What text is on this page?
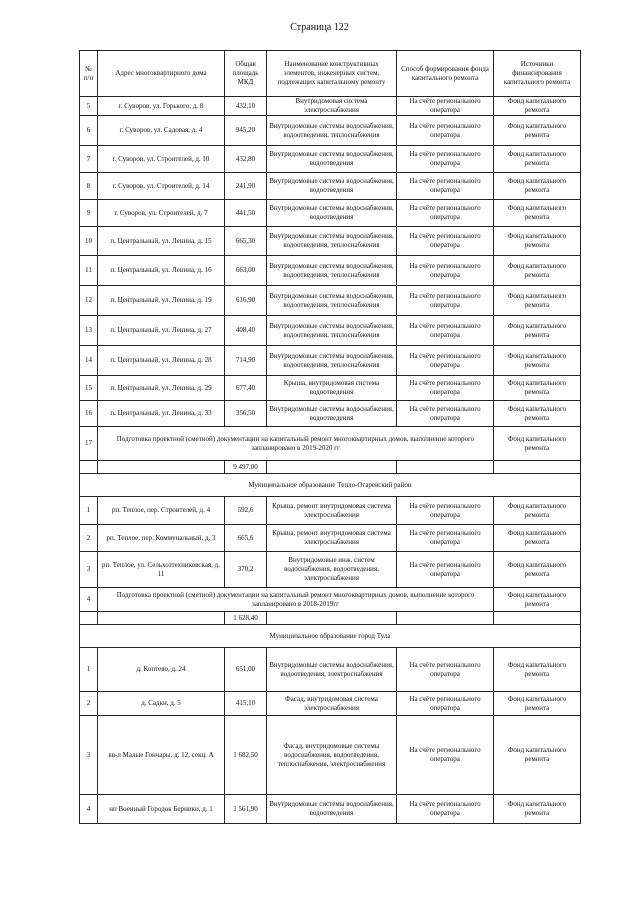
Страница 122
№ п/п	Адрес многоквартирного дома	Общая площадь МКД	Наименование конструктивных элементов, инженерных систем, подлежащих капитальному ремонту	Способ формирования фонда капитального ремонта	Источники финансирования капитального ремонта
5	г. Суворов, ул. Горького, д. 8	432,10	Внутридомовая система электроснабжения	На счёте регионального оператора	Фонд капитального ремонта
6	г. Суворов, ул. Садовая, д. 4	945,20	Внутридомовые системы водоснабжения, водоотведения, теплоснабжения	На счёте регионального оператора	Фонд капитального ремонта
7	г. Суворов, ул. Строителей, д. 10	432,80	Внутридомовые системы водоснабжения, водоотведения	На счёте регионального оператора	Фонд капитального ремонта
8	г. Суворов, ул. Строителей, д. 14	241,90	Внутридомовые системы водоснабжения, водоотведения	На счёте регионального оператора	Фонд капитального ремонта
9	г. Суворов, ул. Строителей, д. 7	441,50	Внутридомовые системы водоснабжения, водоотведения	На счёте регионального оператора	Фонд капитального ремонта
10	п. Центральный, ул. Ленина, д. 15	665,30	Внутридомовые системы водоснабжения, водоотведения, теплоснабжения	На счёте регионального оператора	Фонд капитального ремонта
11	п. Центральный, ул. Ленина, д. 16	663,00	Внутридомовые системы водоснабжения, водоотведения, теплоснабжения	На счёте регионального оператора	Фонд капитального ремонта
12	п. Центральный, ул. Ленина, д. 19	616,90	Внутридомовые системы водоснабжения, водоотведения, теплоснабжения	На счёте регионального оператора	Фонд капитального ремонта
13	п. Центральный, ул. Ленина, д. 27	408,40	Внутридомовые системы водоснабжения, водоотведения, теплоснабжения	На счёте регионального оператора	Фонд капитального ремонта
14	п. Центральный, ул. Ленина, д. 28	714,90	Внутридомовые системы водоснабжения, водоотведения, теплоснабжения	На счёте регионального оператора	Фонд капитального ремонта
15	п. Центральный, ул. Ленина, д. 29	677,40	Крыша, внутридомовая система водоотведения	На счёте регионального оператора	Фонд капитального ремонта
16	п. Центральный, ул. Ленина, д. 33	356,50	Внутридомовые системы водоснабжения, водоотведения	На счёте регионального оператора	Фонд капитального ремонта
17	Подготовка проектной (сметной) документации на капитальный ремонт многоквартирных домов, выполнение которого запланировано в 2019-2020 гг				Фонд капитального ремонта
		9 497,00			
Муниципальное образование Тепло-Огаревский район					
1	рп. Теплое, пер. Строителей, д. 4	592,6	Крыша, ремонт внутридомовая система электроснабжения	На счёте регионального оператора	Фонд капитального ремонта
2	рп. Теплое, пер. Коммунальный, д. 3	665,6	Крыша, ремонт внутридомовая система электроснабжения	На счёте регионального оператора	Фонд капитального ремонта
3	рп. Теплое, ул. Сельхозтехниковская, д. 11	370,2	Внутридомовые инж. систем водоснабжения, водоотведения, электроснабжения	На счёте регионального оператора	Фонд капитального ремонта
4	Подготовка проектной (сметной) документации на капитальный ремонт многоквартирных домов, выполнение которого запланировано в 2018-2019гг				Фонд капитального ремонта
		1 628,40			
Муниципальное образование город Тула					
1	д. Коптево, д. 24	651,00	Внутридомовые системы водоснабжения, водоотведения, электроснабжения	На счёте регионального оператора	Фонд капитального ремонта
2	д. Садки, д. 5	415,10	Фасад, внутридомовая система электроснабжения	На счёте регионального оператора	Фонд капитального ремонта
3	кв-л Малые Гончары, д. 12, секц. А	1 682,50	Фасад, внутридомовые системы водоснабжения, водоотведения, теплоснабжения, электроснабжения	На счёте регионального оператора	Фонд капитального ремонта
4	нп Военный Городок Берники, д. 1	1 561,90	Внутридомовые системы водоснабжения, водоотведения	На счёте регионального оператора	Фонд капитального ремонта
